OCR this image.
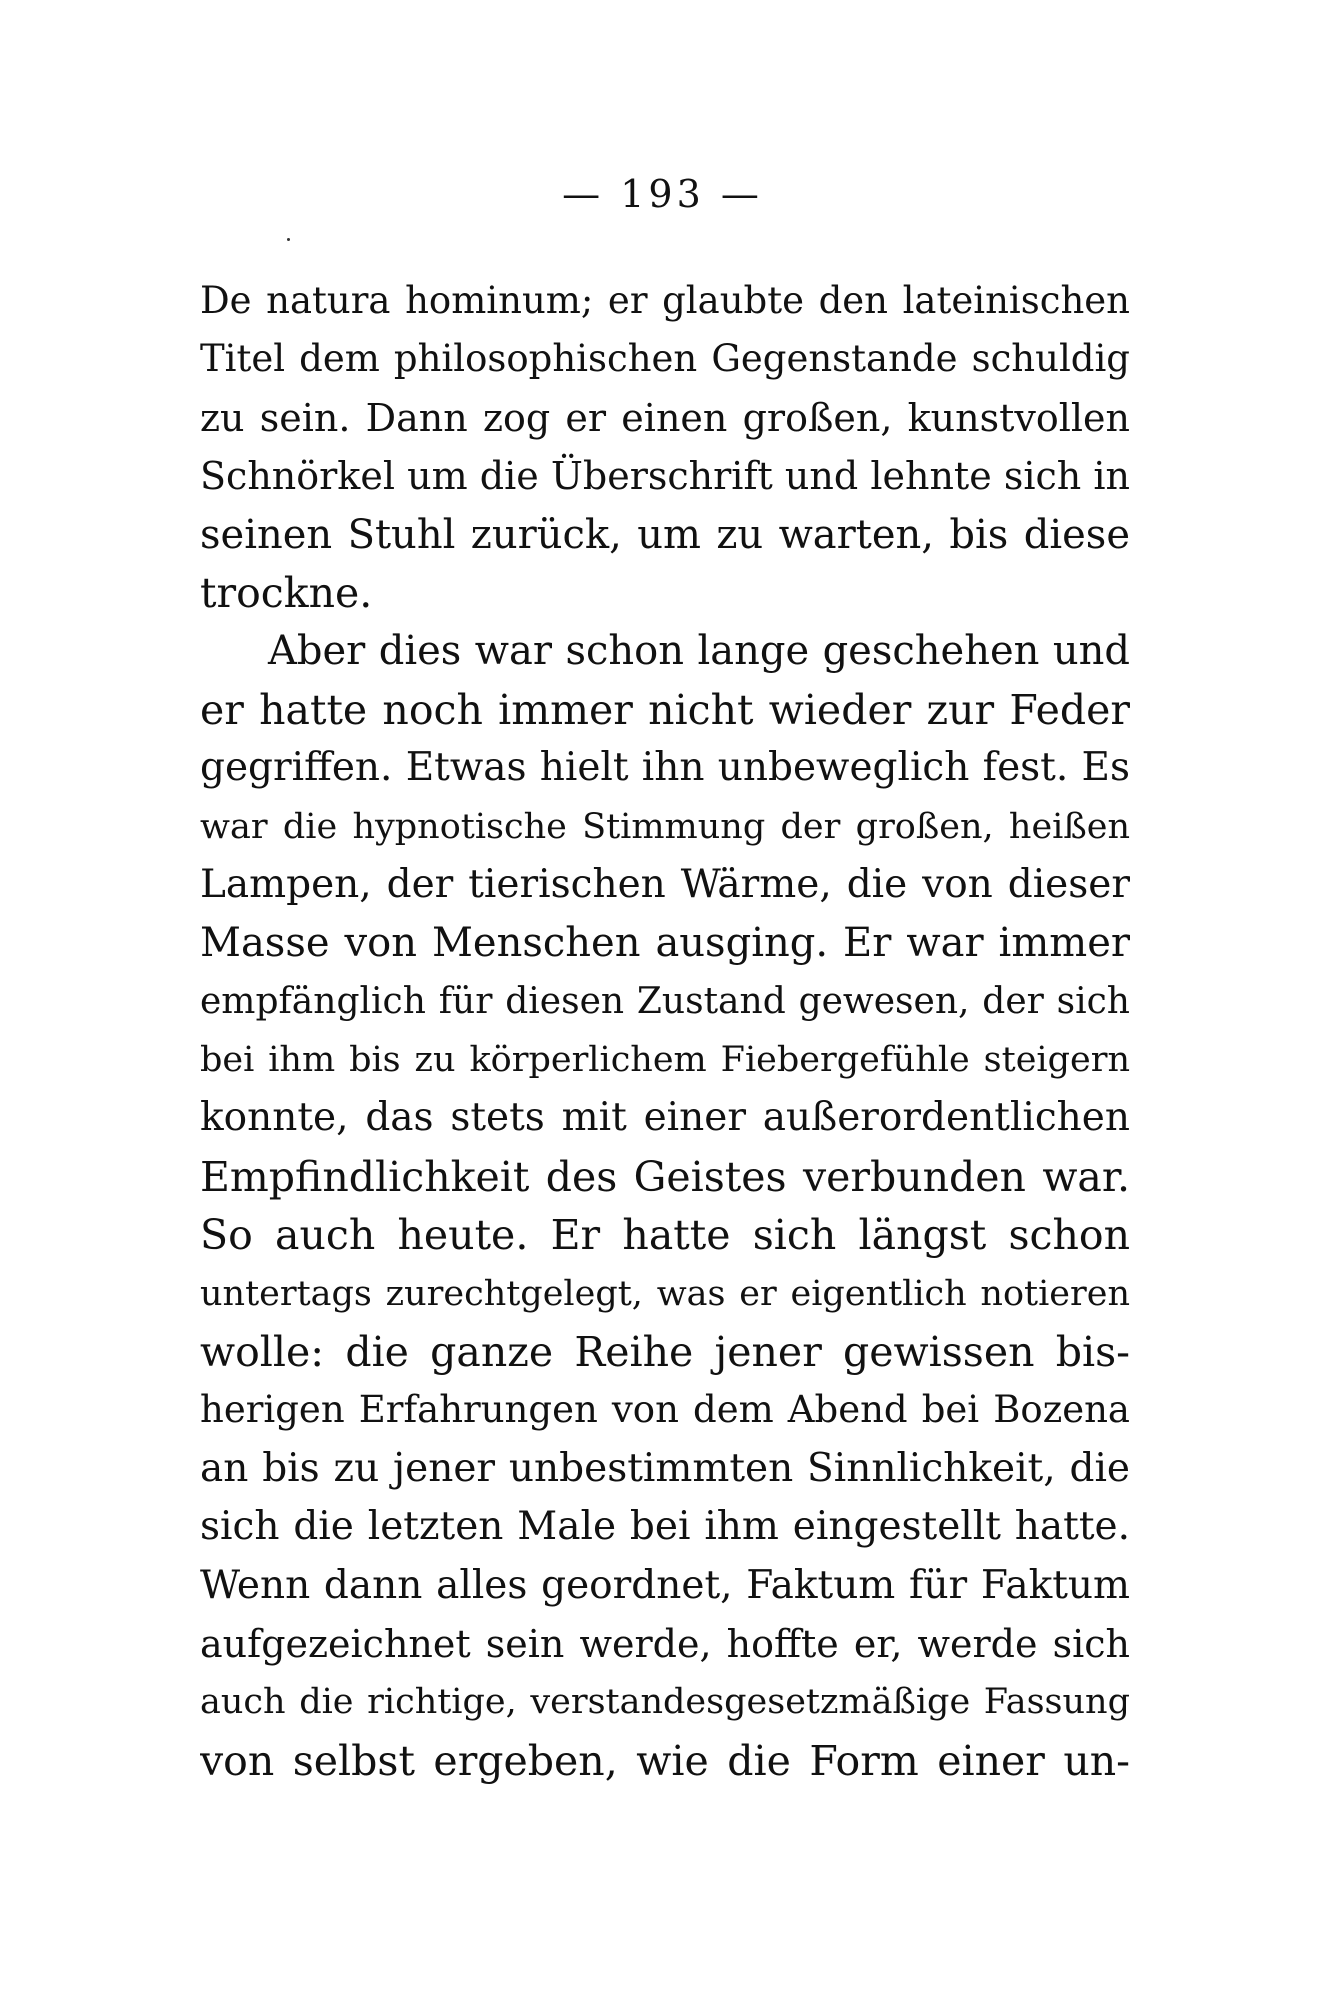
— 193 —
De natura hominum; er glaubte den lateinischen
Titel dem philosophischen Gegenstande schuldig
zu sein. Dann zog er einen großen, kunstvollen
Schnörkel um die Überschrift und lehnte sich in
seinen Stuhl zurück, um zu warten, bis diese
trockne.
Aber dies war schon lange geschehen und
er hatte noch immer nicht wieder zur Feder
gegriffen. Etwas hielt ihn unbeweglich fest. Es
war die hypnotische Stimmung der großen, heißen
Lampen, der tierischen Wärme, die von dieser
Masse von Menschen ausging. Er war immer
empfänglich für diesen Zustand gewesen, der sich
bei ihm bis zu körperlichem Fiebergefühle steigern
konnte, das stets mit einer außerordentlichen
Empfindlichkeit des Geistes verbunden war.
So auch heute. Er hatte sich längst schon
untertags zurechtgelegt, was er eigentlich notieren
wolle: die ganze Reihe jener gewissen bis-
herigen Erfahrungen von dem Abend bei Bozena
an bis zu jener unbestimmten Sinnlichkeit, die
sich die letzten Male bei ihm eingestellt hatte.
Wenn dann alles geordnet, Faktum für Faktum
aufgezeichnet sein werde, hoffte er, werde sich
auch die richtige, verstandesgesetzmäßige Fassung
von selbst ergeben, wie die Form einer un-
